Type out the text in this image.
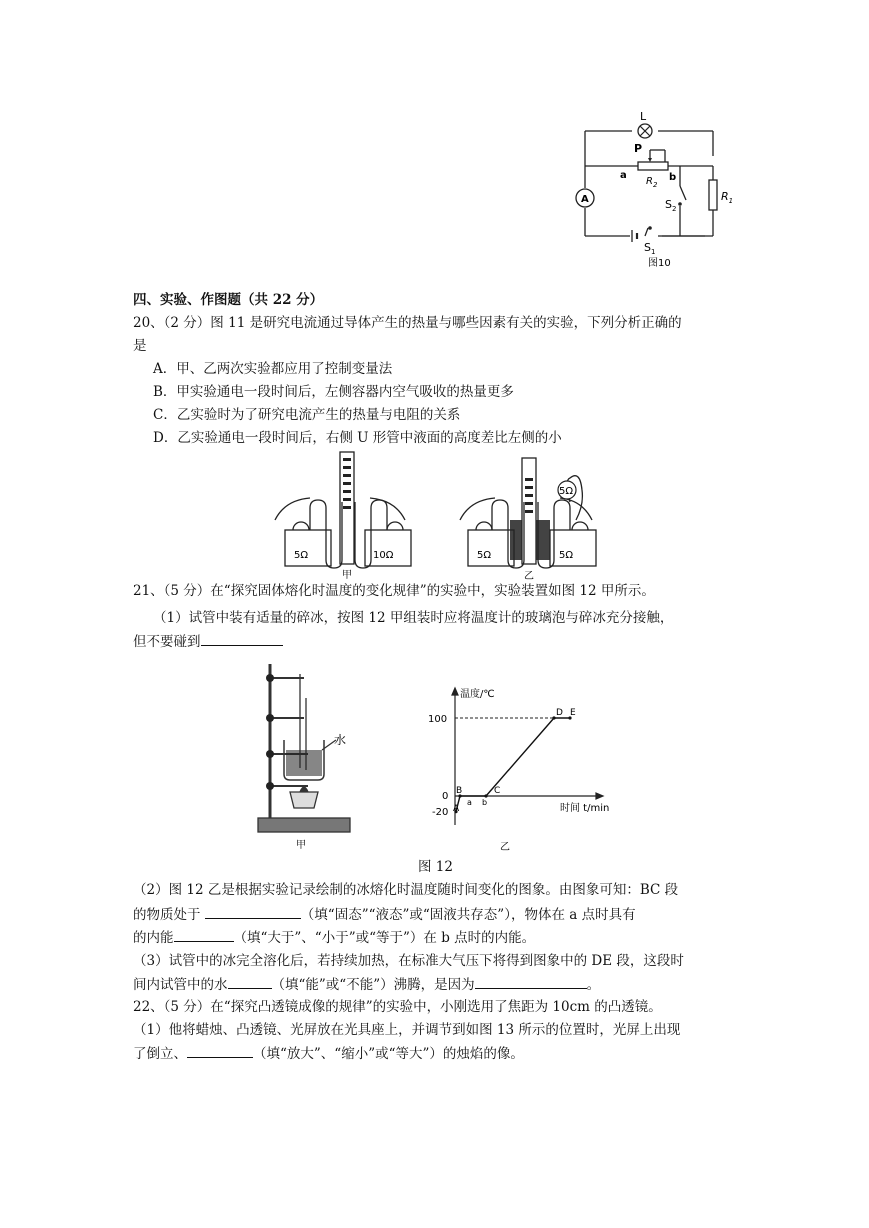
L
P
a	b
$R_2$
$R_1$
A	$S_2$
$S_1$
图10
四、实验、作图题（共 22 分）
20、（2 分）图 11 是研究电流通过导体产生的热量与哪些因素有关的实验，下列分析正确的
是
A．甲、乙两次实验都应用了控制变量法
B．甲实验通电一段时间后，左侧容器内空气吸收的热量更多
C．乙实验时为了研究电流产生的热量与电阻的关系
D．乙实验通电一段时间后，右侧 U 形管中液面的高度差比左侧的小
5Ω	10Ω
甲
5Ω	5Ω
5Ω
乙
21、（5 分）在“探究固体熔化时温度的变化规律”的实验中，实验装置如图 12 甲所示。
（1）试管中装有适量的碎冰，按图 12 甲组装时应将温度计的玻璃泡与碎冰充分接触，
但不要碰到
水
甲
温度/℃
时间 t/min
100
0
-20 A
B	C
D E
a b
乙
图 12
（2）图 12 乙是根据实验记录绘制的冰熔化时温度随时间变化的图象。由图象可知：BC 段
的物质处于	（填“固态”“液态”或“固液共存态”），物体在 a 点时具有
的内能	（填“大于”、“小于”或“等于”）在 b 点时的内能。
（3）试管中的冰完全溶化后，若持续加热，在标准大气压下将得到图象中的 DE 段，这段时
间内试管中的水	（填“能”或“不能”）沸腾，是因为	。
22、（5 分）在“探究凸透镜成像的规律”的实验中，小刚选用了焦距为 10cm 的凸透镜。
（1）他将蜡烛、凸透镜、光屏放在光具座上，并调节到如图 13 所示的位置时，光屏上出现
了倒立、	（填“放大”、“缩小”或“等大”）的烛焰的像。
